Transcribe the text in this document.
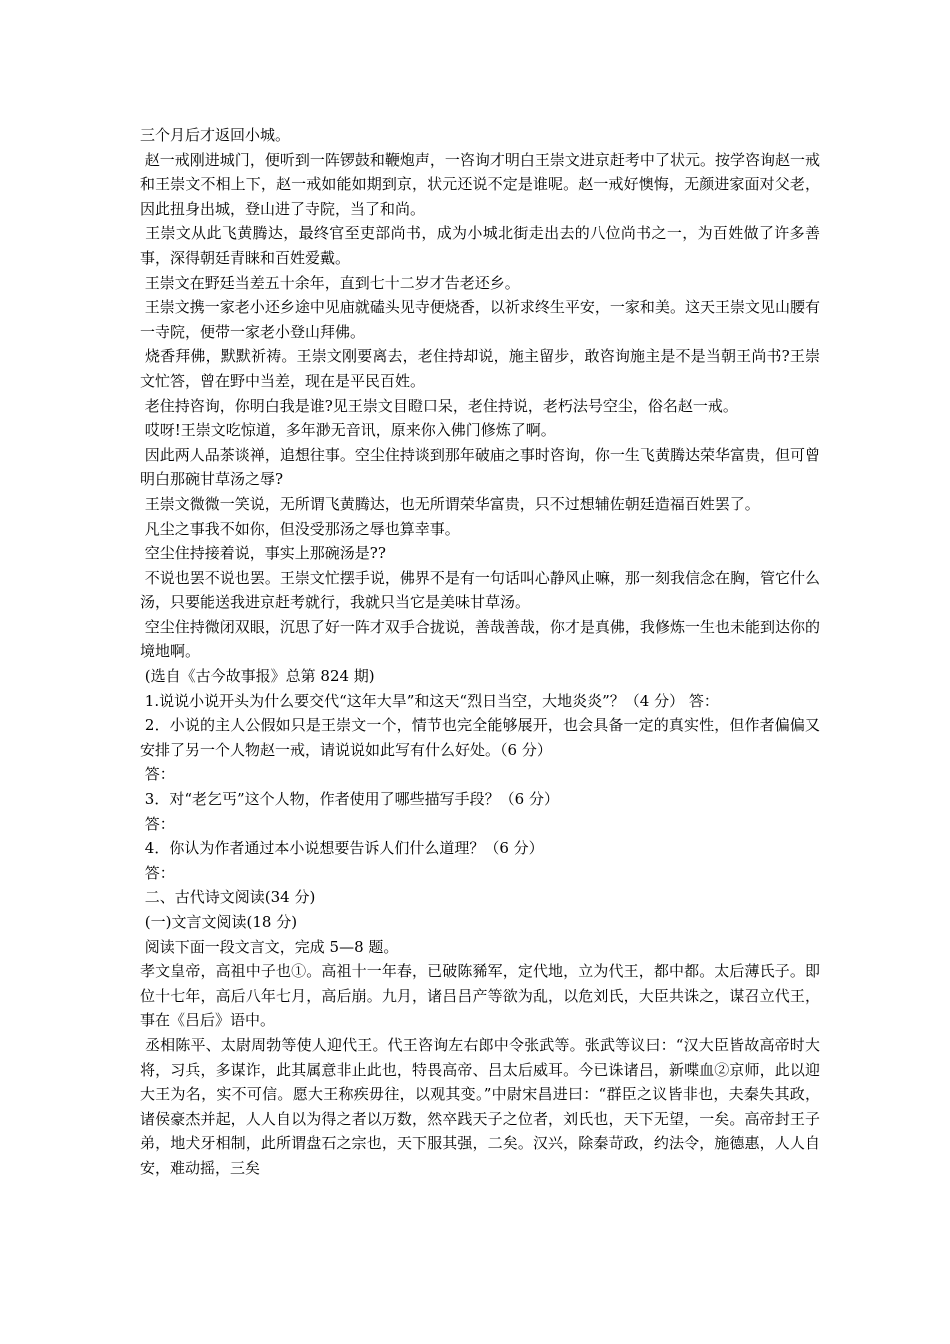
三个月后才返回小城。

赵一戒刚进城门，便听到一阵锣鼓和鞭炮声，一咨询才明白王崇文进京赶考中了状元。按学咨询赵一戒和王崇文不相上下，赵一戒如能如期到京，状元还说不定是谁呢。赵一戒好懊悔，无颜进家面对父老，因此扭身出城，登山进了寺院，当了和尚。

王崇文从此飞黄腾达，最终官至吏部尚书，成为小城北街走出去的八位尚书之一，为百姓做了许多善事，深得朝廷青睐和百姓爱戴。

王崇文在野廷当差五十余年，直到七十二岁才告老还乡。

王崇文携一家老小还乡途中见庙就磕头见寺便烧香，以祈求终生平安，一家和美。这天王崇文见山腰有一寺院，便带一家老小登山拜佛。

烧香拜佛，默默祈祷。王崇文刚要离去，老住持却说，施主留步，敢咨询施主是不是当朝王尚书?王崇文忙答，曾在野中当差，现在是平民百姓。

老住持咨询，你明白我是谁?见王崇文目瞪口呆，老住持说，老朽法号空尘，俗名赵一戒。

哎呀!王崇文吃惊道，多年渺无音讯，原来你入佛门修炼了啊。

因此两人品茶谈禅，追想往事。空尘住持谈到那年破庙之事时咨询，你一生飞黄腾达荣华富贵，但可曾明白那碗甘草汤之辱?

王崇文微微一笑说，无所谓飞黄腾达，也无所谓荣华富贵，只不过想辅佐朝廷造福百姓罢了。

凡尘之事我不如你，但没受那汤之辱也算幸事。

空尘住持接着说，事实上那碗汤是??

不说也罢不说也罢。王崇文忙摆手说，佛界不是有一句话叫心静风止嘛，那一刻我信念在胸，管它什么汤，只要能送我进京赶考就行，我就只当它是美味甘草汤。

空尘住持微闭双眼，沉思了好一阵才双手合拢说，善哉善哉，你才是真佛，我修炼一生也未能到达你的境地啊。

(选自《古今故事报》总第 824 期)

1.说说小说开头为什么要交代“这年大旱”和这天“烈日当空，大地炎炎”？（4 分） 答：

2．小说的主人公假如只是王崇文一个，情节也完全能够展开，也会具备一定的真实性，但作者偏偏又安排了另一个人物赵一戒，请说说如此写有什么好处。（6 分）

答：

3．对“老乞丐”这个人物，作者使用了哪些描写手段？（6 分）

答：

4．你认为作者通过本小说想要告诉人们什么道理？（6 分）

答：

二、古代诗文阅读(34 分)

(一)文言文阅读(18 分)

阅读下面一段文言文，完成 5—8 题。

孝文皇帝，高祖中子也①。高祖十一年春，已破陈豨军，定代地，立为代王，都中都。太后薄氏子。即位十七年，高后八年七月，高后崩。九月，诸吕吕产等欲为乱，以危刘氏，大臣共诛之，谋召立代王，事在《吕后》语中。

丞相陈平、太尉周勃等使人迎代王。代王咨询左右郎中令张武等。张武等议曰：“汉大臣皆故高帝时大将，习兵，多谋诈，此其属意非止此也，特畏高帝、吕太后威耳。今已诛诸吕，新喋血②京师，此以迎大王为名，实不可信。愿大王称疾毋往，以观其变。”中尉宋昌进曰：“群臣之议皆非也，夫秦失其政，诸侯豪杰并起，人人自以为得之者以万数，然卒践天子之位者，刘氏也，天下无望，一矣。高帝封王子弟，地犬牙相制，此所谓盘石之宗也，天下服其强，二矣。汉兴，除秦苛政，约法令，施德惠，人人自安，难动摇，三矣
